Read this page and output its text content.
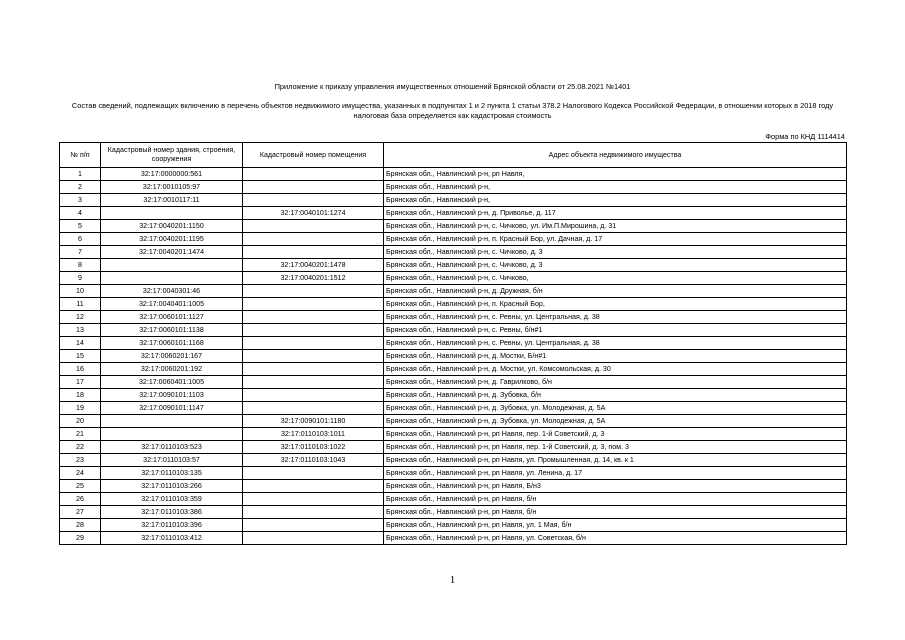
Приложение к приказу управления имущественных отношений Брянской области от 25.08.2021 №1401
Состав сведений, подлежащих включению в перечень объектов недвижимого имущества, указанных в подпунктах 1 и 2 пункта 1 статьи 378.2 Налогового Кодекса Российской Федерации, в отношении которых в 2018 году налоговая база определяется как кадастровая стоимость
Форма по КНД 1114414
№ п/п	Кадастровый номер здания, строения, сооружения	Кадастровый номер помещения	Адрес объекта недвижимого имущества
1	32:17:0000000:561		Брянская обл., Навлинский р-н, рп Навля,
2	32:17:0010105:97		Брянская обл., Навлинский р-н,
3	32:17:0010117:11		Брянская обл., Навлинский р-н,
4		32:17:0040101:1274	Брянская обл., Навлинский р-н, д. Приволье, д. 117
5	32:17:0040201:1150		Брянская обл., Навлинский р-н, с. Чичково, ул. Им.П.Мирошина, д. 31
6	32:17:0040201:1195		Брянская обл., Навлинский р-н, п. Красный Бор, ул. Дачная, д. 17
7	32:17:0040201:1474		Брянская обл., Навлинский р-н, с. Чичково, д. 3
8		32:17:0040201:1478	Брянская обл., Навлинский р-н, с. Чичково, д. 3
9		32:17:0040201:1512	Брянская обл., Навлинский р-н, с. Чичково,
10	32:17:0040301:46		Брянская обл., Навлинский р-н, д. Дружная, б/н
11	32:17:0040401:1005		Брянская обл., Навлинский р-н, п. Красный Бор,
12	32:17:0060101:1127		Брянская обл., Навлинский р-н, с. Ревны, ул. Центральная, д. 38
13	32:17:0060101:1138		Брянская обл., Навлинский р-н, с. Ревны, б/н#1
14	32:17:0060101:1168		Брянская обл., Навлинский р-н, с. Ревны, ул. Центральная, д. 38
15	32:17:0060201:167		Брянская обл., Навлинский р-н, д. Мостки, Б/н#1
16	32:17:0060201:192		Брянская обл., Навлинский р-н, д. Мостки, ул. Комсомольская, д. 30
17	32:17:0060401:1005		Брянская обл., Навлинский р-н, д. Гаврилково, б/н
18	32:17:0090101:1103		Брянская обл., Навлинский р-н, д. Зубовка, б/н
19	32:17:0090101:1147		Брянская обл., Навлинский р-н, д. Зубовка, ул. Молодежная, д. 5А
20		32:17:0090101:1180	Брянская обл., Навлинский р-н, д. Зубовка, ул. Молодежная, д. 5А
21		32:17:0110103:1011	Брянская обл., Навлинский р-н, рп Навля, пер. 1-й Советский, д. 3
22	32:17:0110103:523	32:17:0110103:1022	Брянская обл., Навлинский р-н, рп Навля, пер. 1-й Советский, д. 3, пом. 3
23	32:17:0110103:57	32:17:0110103:1043	Брянская обл., Навлинский р-н, рп Навля, ул. Промышленная, д. 14, кв. к 1
24	32:17:0110103:135		Брянская обл., Навлинский р-н, рп Навля, ул. Ленина, д. 17
25	32:17:0110103:266		Брянская обл., Навлинский р-н, рп Навля, Б/н3
26	32:17:0110103:359		Брянская обл., Навлинский р-н, рп Навля, б/н
27	32:17:0110103:386		Брянская обл., Навлинский р-н, рп Навля, б/н
28	32:17:0110103:396		Брянская обл., Навлинский р-н, рп Навля, ул. 1 Мая, б/н
29	32:17:0110103:412		Брянская обл., Навлинский р-н, рп Навля, ул. Советская, б/н
1
